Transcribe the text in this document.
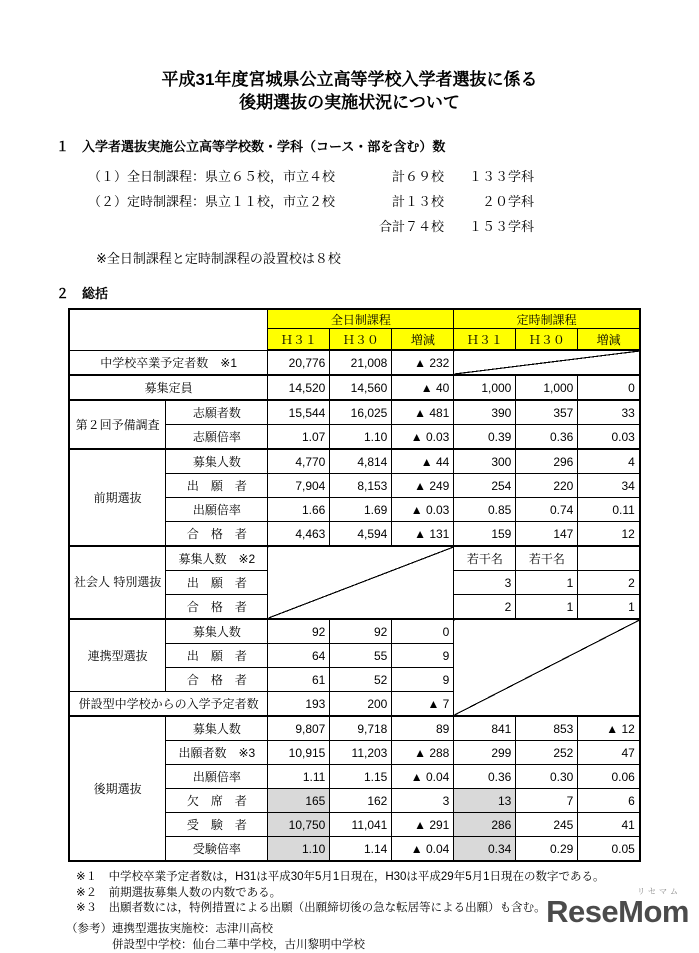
平成31年度宮城県公立高等学校入学者選抜に係る
後期選抜の実施状況について
１　入学者選抜実施公立高等学校数・学科（コース・部を含む）数
（１）全日制課程：県立６５校，市立４校	計６９校	１３３学科
（２）定時制課程：県立１１校，市立２校	計１３校	２０学科
合計７４校	１５３学科
※全日制課程と定時制課程の設置校は８校
２　総括
		全日制課程			定時制課程		
		Ｈ３１	Ｈ３０	増減	Ｈ３１	Ｈ３０	増減
中学校卒業予定者数　※1		20,776	21,008	▲ 232			
募集定員		14,520	14,560	▲ 40	1,000	1,000	0
第２回予備調査	志願者数	15,544	16,025	▲ 481	390	357	33
	志願倍率	1.07	1.10	▲ 0.03	0.39	0.36	0.03
前期選抜	募集人数	4,770	4,814	▲ 44	300	296	4
	出　願　者	7,904	8,153	▲ 249	254	220	34
	出願倍率	1.66	1.69	▲ 0.03	0.85	0.74	0.11
	合　格　者	4,463	4,594	▲ 131	159	147	12
社会人 特別選抜	募集人数　※2				若干名	若干名	
	出　願　者				3	1	2
	合　格　者				2	1	1
連携型選抜	募集人数	92	92	0			
	出　願　者	64	55	9			
	合　格　者	61	52	9			
併設型中学校からの入学予定者数		193	200	▲ 7			
後期選抜	募集人数	9,807	9,718	89	841	853	▲ 12
	出願者数　※3	10,915	11,203	▲ 288	299	252	47
	出願倍率	1.11	1.15	▲ 0.04	0.36	0.30	0.06
	欠　席　者	165	162	3	13	7	6
	受　験　者	10,750	11,041	▲ 291	286	245	41
	受験倍率	1.10	1.14	▲ 0.04	0.34	0.29	0.05
※１　中学校卒業予定者数は，H31は平成30年5月1日現在，H30は平成29年5月1日現在の数字である。
※２　前期選抜募集人数の内数である。
※３　出願者数には，特例措置による出願（出願締切後の急な転居等による出願）も含む。
（参考）連携型選抜実施校：志津川高校
併設型中学校：仙台二華中学校，古川黎明中学校
リセマム
ReseMom
